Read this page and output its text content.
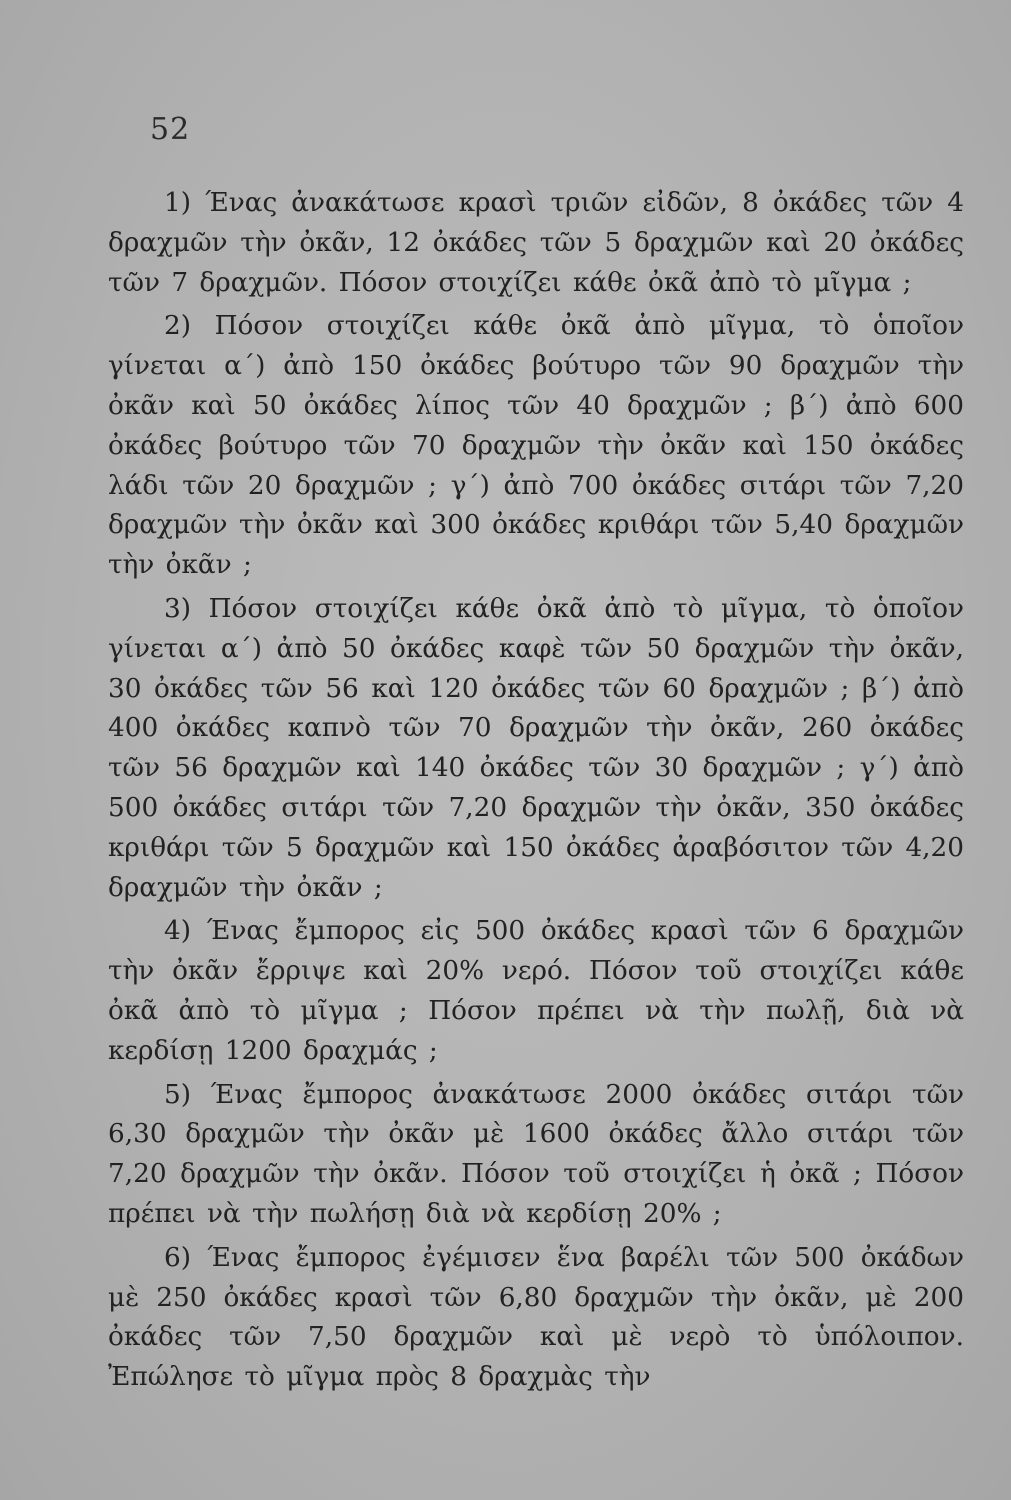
52

1) Ένας ἀνακάτωσε κρασὶ τριῶν εἰδῶν, 8 ὀκάδες τῶν 4 δραχμῶν τὴν ὀκᾶν, 12 ὀκάδες τῶν 5 δραχμῶν καὶ 20 ὀκάδες τῶν 7 δραχμῶν. Πόσον στοιχίζει κάθε ὀκᾶ ἀπὸ τὸ μῖγμα ;

2) Πόσον στοιχίζει κάθε ὀκᾶ ἀπὸ μῖγμα, τὸ ὁποῖον γίνεται α΄) ἀπὸ 150 ὀκάδες βούτυρο τῶν 90 δραχμῶν τὴν ὀκᾶν καὶ 50 ὀκάδες λίπος τῶν 40 δραχμῶν ; β΄) ἀπὸ 600 ὀκάδες βούτυρο τῶν 70 δραχμῶν τὴν ὀκᾶν καὶ 150 ὀκάδες λάδι τῶν 20 δραχμῶν ; γ΄) ἀπὸ 700 ὀκάδες σιτάρι τῶν 7,20 δραχμῶν τὴν ὀκᾶν καὶ 300 ὀκάδες κριθάρι τῶν 5,40 δραχμῶν τὴν ὀκᾶν ;

3) Πόσον στοιχίζει κάθε ὀκᾶ ἀπὸ τὸ μῖγμα, τὸ ὁποῖον γίνεται α΄) ἀπὸ 50 ὀκάδες καφὲ τῶν 50 δραχμῶν τὴν ὀκᾶν, 30 ὀκάδες τῶν 56 καὶ 120 ὀκάδες τῶν 60 δραχμῶν ; β΄) ἀπὸ 400 ὀκάδες καπνὸ τῶν 70 δραχμῶν τὴν ὀκᾶν, 260 ὀκάδες τῶν 56 δραχμῶν καὶ 140 ὀκάδες τῶν 30 δραχμῶν ; γ΄) ἀπὸ 500 ὀκάδες σιτάρι τῶν 7,20 δραχμῶν τὴν ὀκᾶν, 350 ὀκάδες κριθάρι τῶν 5 δραχμῶν καὶ 150 ὀκάδες ἀραβόσιτον τῶν 4,20 δραχμῶν τὴν ὀκᾶν ;

4) Ένας ἔμπορος εἰς 500 ὀκάδες κρασὶ τῶν 6 δραχμῶν τὴν ὀκᾶν ἔρριψε καὶ 20% νερό. Πόσον τοῦ στοιχίζει κάθε ὀκᾶ ἀπὸ τὸ μῖγμα ; Πόσον πρέπει νὰ τὴν πωλῇ, διὰ νὰ κερδίσῃ 1200 δραχμάς ;

5) Ένας ἔμπορος ἀνακάτωσε 2000 ὀκάδες σιτάρι τῶν 6,30 δραχμῶν τὴν ὀκᾶν μὲ 1600 ὀκάδες ἄλλο σιτάρι τῶν 7,20 δραχμῶν τὴν ὀκᾶν. Πόσον τοῦ στοιχίζει ἡ ὀκᾶ ; Πόσον πρέπει νὰ τὴν πωλήσῃ διὰ νὰ κερδίσῃ 20% ;

6) Ένας ἔμπορος ἐγέμισεν ἕνα βαρέλι τῶν 500 ὀκάδων μὲ 250 ὀκάδες κρασὶ τῶν 6,80 δραχμῶν τὴν ὀκᾶν, μὲ 200 ὀκάδες τῶν 7,50 δραχμῶν καὶ μὲ νερὸ τὸ ὑπόλοιπον. Ἐπώλησε τὸ μῖγμα πρὸς 8 δραχμὰς τὴν
